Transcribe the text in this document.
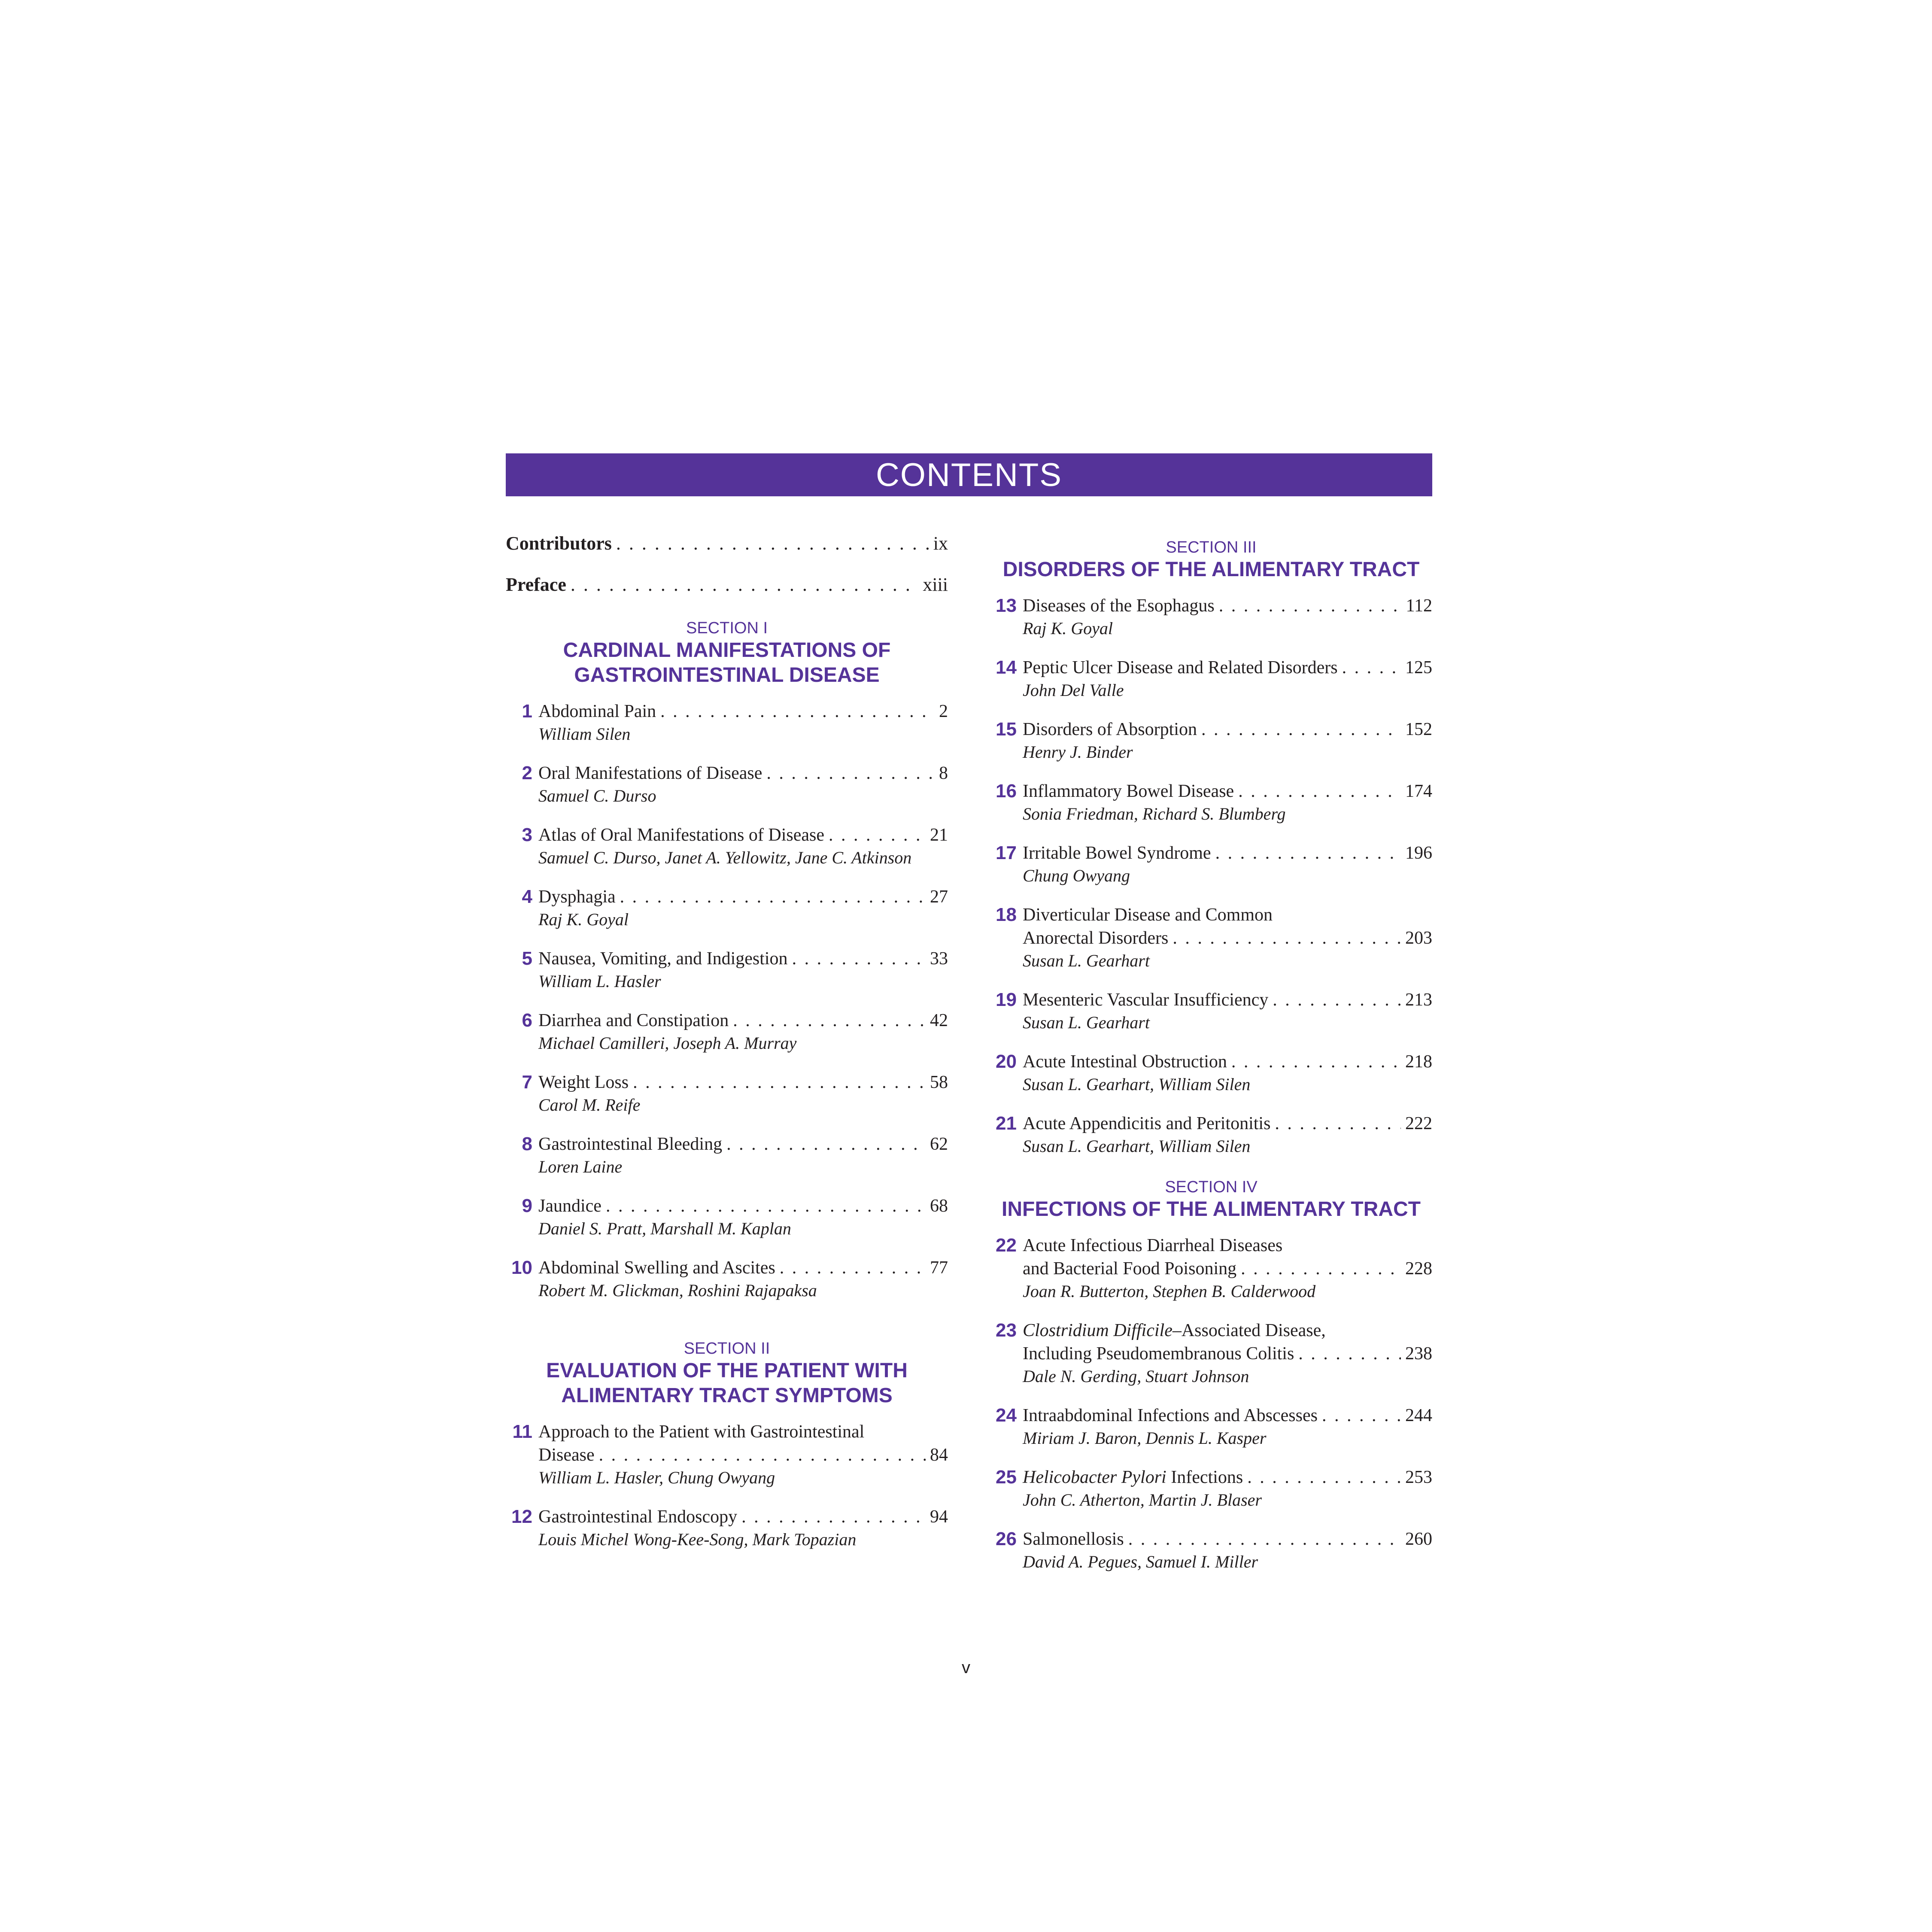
CONTENTS
Contributors . . .	ix
Preface . . .	xiii
SECTION I
CARDINAL MANIFESTATIONS OF
GASTROINTESTINAL DISEASE
1 Abdominal Pain . . .	2
William Silen
2 Oral Manifestations of Disease . . .	8
Samuel C. Durso
3 Atlas of Oral Manifestations of Disease . . .	21
Samuel C. Durso, Janet A. Yellowitz, Jane C. Atkinson
4 Dysphagia . . .	27
Raj K. Goyal
5 Nausea, Vomiting, and Indigestion . . .	33
William L. Hasler
6 Diarrhea and Constipation . . .	42
Michael Camilleri, Joseph A. Murray
7 Weight Loss . . .	58
Carol M. Reife
8 Gastrointestinal Bleeding . . .	62
Loren Laine
9 Jaundice . . .	68
Daniel S. Pratt, Marshall M. Kaplan
10 Abdominal Swelling and Ascites . . .	77
Robert M. Glickman, Roshini Rajapaksa
SECTION II
EVALUATION OF THE PATIENT WITH
ALIMENTARY TRACT SYMPTOMS
11 Approach to the Patient with Gastrointestinal
Disease . . .	84
William L. Hasler, Chung Owyang
12 Gastrointestinal Endoscopy . . .	94
Louis Michel Wong-Kee-Song, Mark Topazian
SECTION III
DISORDERS OF THE ALIMENTARY TRACT
13 Diseases of the Esophagus . . .	112
Raj K. Goyal
14 Peptic Ulcer Disease and Related Disorders . . .	125
John Del Valle
15 Disorders of Absorption . . .	152
Henry J. Binder
16 Inflammatory Bowel Disease . . .	174
Sonia Friedman, Richard S. Blumberg
17 Irritable Bowel Syndrome . . .	196
Chung Owyang
18 Diverticular Disease and Common
Anorectal Disorders . . .	203
Susan L. Gearhart
19 Mesenteric Vascular Insufficiency . . .	213
Susan L. Gearhart
20 Acute Intestinal Obstruction . . .	218
Susan L. Gearhart, William Silen
21 Acute Appendicitis and Peritonitis . . .	222
Susan L. Gearhart, William Silen
SECTION IV
INFECTIONS OF THE ALIMENTARY TRACT
22 Acute Infectious Diarrheal Diseases
and Bacterial Food Poisoning . . .	228
Joan R. Butterton, Stephen B. Calderwood
23 Clostridium Difficile–Associated Disease,
Including Pseudomembranous Colitis . . .	238
Dale N. Gerding, Stuart Johnson
24 Intraabdominal Infections and Abscesses . . .	244
Miriam J. Baron, Dennis L. Kasper
25 Helicobacter Pylori Infections . . .	253
John C. Atherton, Martin J. Blaser
26 Salmonellosis . . .	260
David A. Pegues, Samuel I. Miller
v
